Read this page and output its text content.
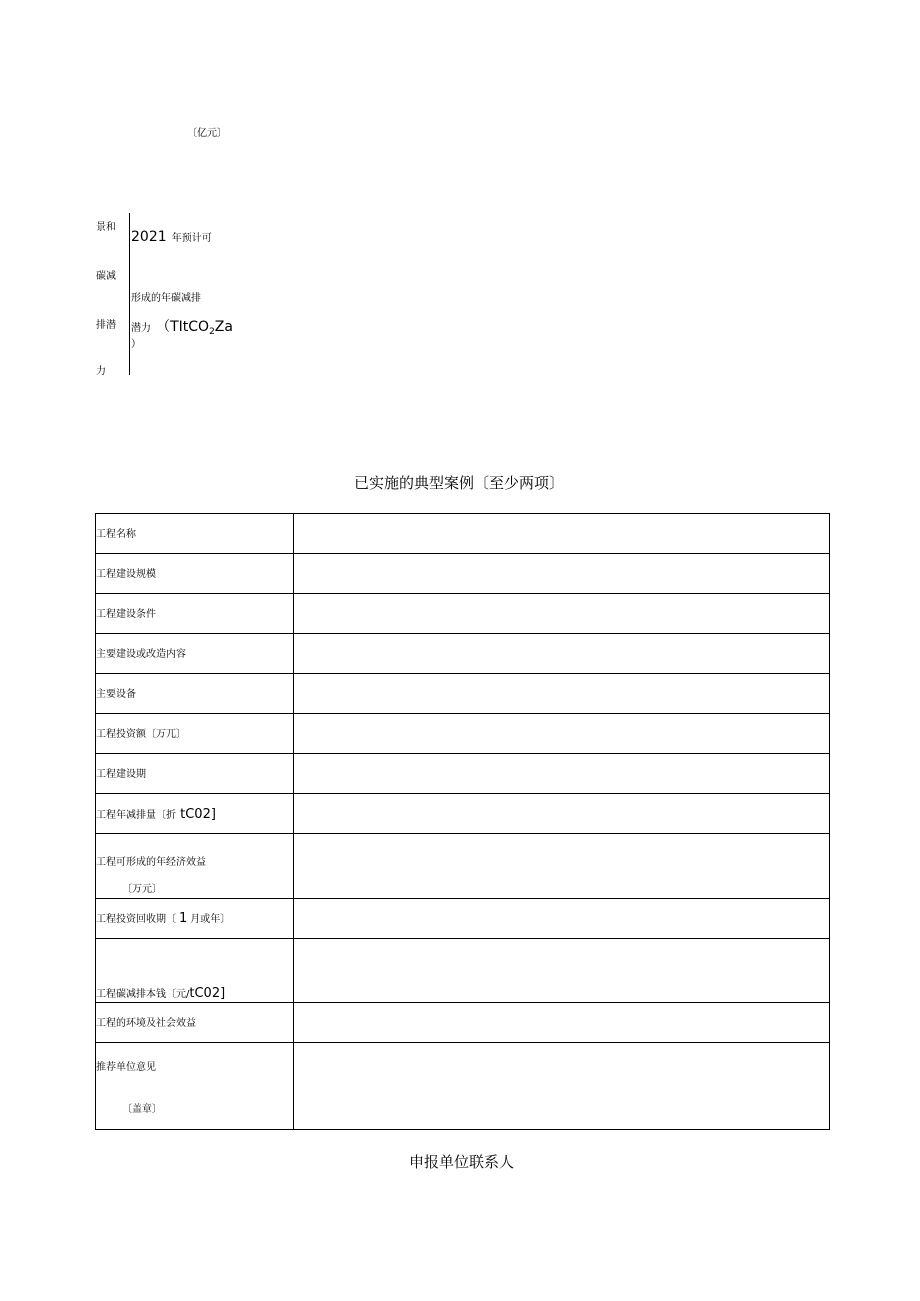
〔亿元〕
景和
碳减
排潜
力
2021 年预计可
形成的年碳减排
潜力 （TItCO$_2$Za
）
已实施的典型案例〔至少两项〕
工程名称	

工程建设规模	

工程建设条件	

主要建设或改造内容	

主要设备	

工程投资额〔万兀〕	

工程建设期	

工程年减排量〔折 tC02]	

工程可形成的年经济效益
〔万元〕	

工程投资回收期〔 1 月或年〕	

工程碳减排本钱〔元/tC02]	

工程的环境及社会效益	

推荐单位意见
〔盖章〕	

申报单位联系人
